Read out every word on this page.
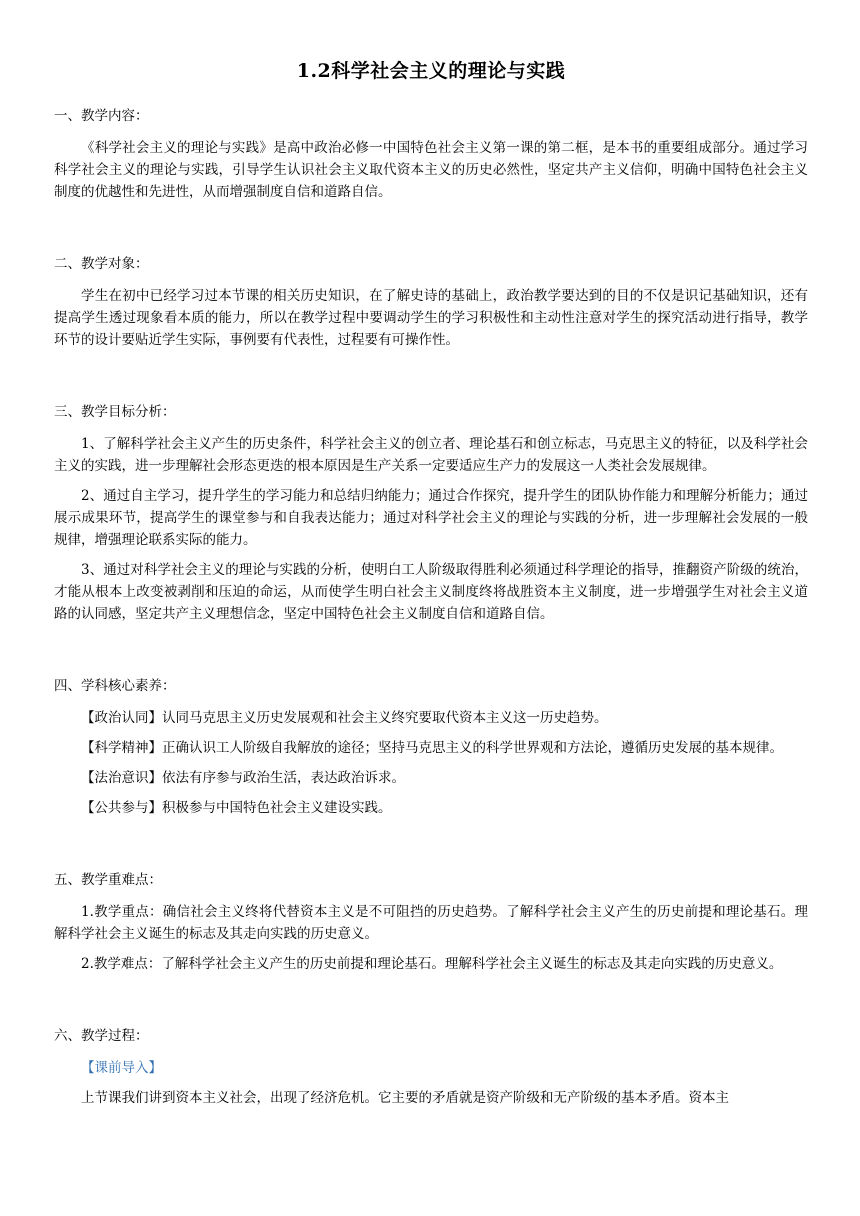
1.2科学社会主义的理论与实践
一、教学内容：

《科学社会主义的理论与实践》是高中政治必修一中国特色社会主义第一课的第二框，是本书的重要组成部分。通过学习科学社会主义的理论与实践，引导学生认识社会主义取代资本主义的历史必然性，坚定共产主义信仰，明确中国特色社会主义制度的优越性和先进性，从而增强制度自信和道路自信。

二、教学对象：

学生在初中已经学习过本节课的相关历史知识，在了解史诗的基础上，政治教学要达到的目的不仅是识记基础知识，还有提高学生透过现象看本质的能力，所以在教学过程中要调动学生的学习积极性和主动性注意对学生的探究活动进行指导，教学环节的设计要贴近学生实际，事例要有代表性，过程要有可操作性。

三、教学目标分析：

1、了解科学社会主义产生的历史条件，科学社会主义的创立者、理论基石和创立标志，马克思主义的特征，以及科学社会主义的实践，进一步理解社会形态更迭的根本原因是生产关系一定要适应生产力的发展这一人类社会发展规律。

2、通过自主学习，提升学生的学习能力和总结归纳能力；通过合作探究，提升学生的团队协作能力和理解分析能力；通过展示成果环节，提高学生的课堂参与和自我表达能力；通过对科学社会主义的理论与实践的分析，进一步理解社会发展的一般规律，增强理论联系实际的能力。

3、通过对科学社会主义的理论与实践的分析，使明白工人阶级取得胜利必须通过科学理论的指导，推翻资产阶级的统治，才能从根本上改变被剥削和压迫的命运，从而使学生明白社会主义制度终将战胜资本主义制度，进一步增强学生对社会主义道路的认同感，坚定共产主义理想信念，坚定中国特色社会主义制度自信和道路自信。

四、学科核心素养：

【政治认同】认同马克思主义历史发展观和社会主义终究要取代资本主义这一历史趋势。

【科学精神】正确认识工人阶级自我解放的途径；坚持马克思主义的科学世界观和方法论，遵循历史发展的基本规律。

【法治意识】依法有序参与政治生活，表达政治诉求。

【公共参与】积极参与中国特色社会主义建设实践。

五、教学重难点：

1.教学重点：确信社会主义终将代替资本主义是不可阻挡的历史趋势。了解科学社会主义产生的历史前提和理论基石。理解科学社会主义诞生的标志及其走向实践的历史意义。

2.教学难点：了解科学社会主义产生的历史前提和理论基石。理解科学社会主义诞生的标志及其走向实践的历史意义。

六、教学过程：

【课前导入】

上节课我们讲到资本主义社会，出现了经济危机。它主要的矛盾就是资产阶级和无产阶级的基本矛盾。资本主
